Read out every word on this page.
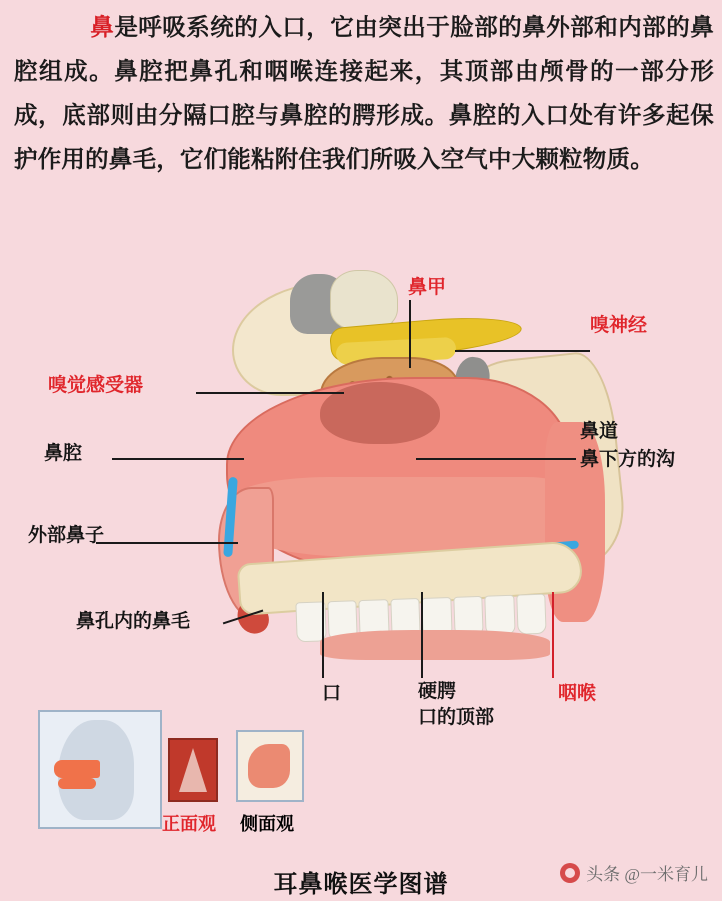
鼻是呼吸系统的入口，它由突出于脸部的鼻外部和内部的鼻腔组成。鼻腔把鼻孔和咽喉连接起来，其顶部由颅骨的一部分形成，底部则由分隔口腔与鼻腔的腭形成。鼻腔的入口处有许多起保护作用的鼻毛，它们能粘附住我们所吸入空气中大颗粒物质。
鼻甲
嗅神经
嗅觉感受器
鼻腔
鼻道
鼻下方的沟
外部鼻子
鼻孔内的鼻毛
口	硬腭
口的顶部
咽喉
正面观 侧面观
耳鼻喉医学图谱	头条 @一米育儿
